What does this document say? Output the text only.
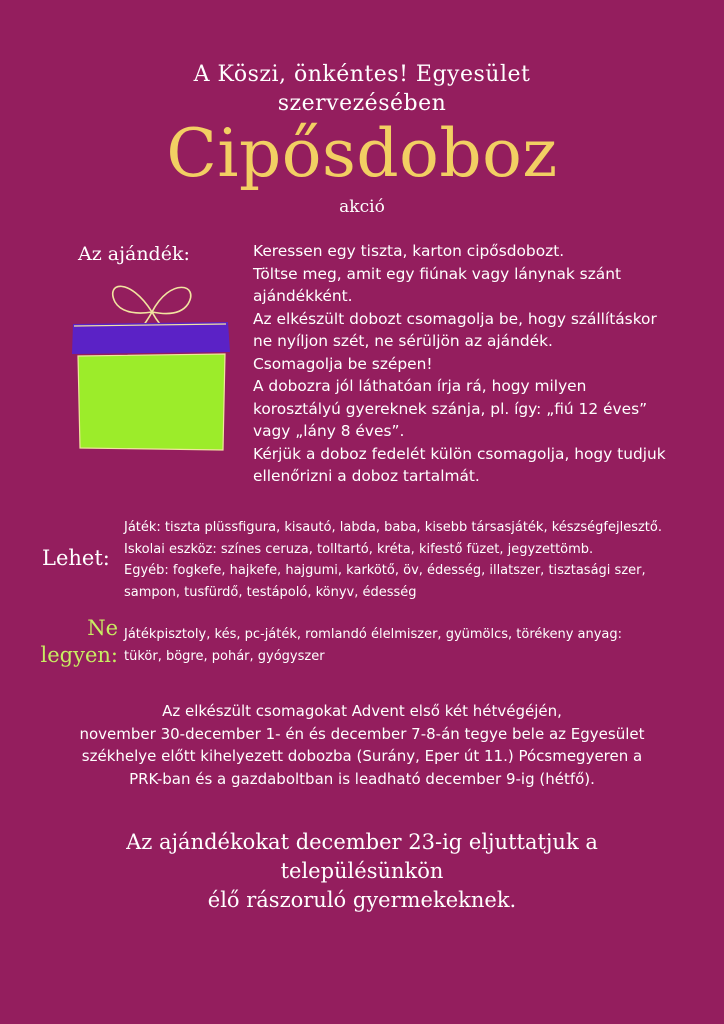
A Köszi, önkéntes! Egyesület
szervezésében
Cipősdoboz
akció
Az ajándék:	Keressen egy tiszta, karton cipősdobozt.

Töltse meg, amit egy fiúnak vagy lánynak szánt

ajándékként.

Az elkészült dobozt csomagolja be, hogy szállításkor

ne nyíljon szét, ne sérüljön az ajándék.

Csomagolja be szépen!

A dobozra jól láthatóan írja rá, hogy milyen

korosztályú gyereknek szánja, pl. így: „fiú 12 éves”

vagy „lány 8 éves”.

Kérjük a doboz fedelét külön csomagolja, hogy tudjuk

ellenőrizni a doboz tartalmát.

Lehet:

Játék: tiszta plüssfigura, kisautó, labda, baba, kisebb társasjáték, készségfejlesztő.

Iskolai eszköz: színes ceruza, tolltartó, kréta, kifestő füzet, jegyzettömb.

Egyéb: fogkefe, hajkefe, hajgumi, karkötő, öv, édesség, illatszer, tisztasági szer,

sampon, tusfürdő, testápoló, könyv, édesség

Ne
legyen:

Játékpisztoly, kés, pc-játék, romlandó élelmiszer, gyümölcs, törékeny anyag:

tükör, bögre, pohár, gyógyszer

Az elkészült csomagokat Advent első két hétvégéjén,

november 30-december 1- én és december 7-8-án tegye bele az Egyesület

székhelye előtt kihelyezett dobozba (Surány, Eper út 11.) Pócsmegyeren a

PRK-ban és a gazdaboltban is leadható december 9-ig (hétfő).

Az ajándékokat december 23-ig eljuttatjuk a

településünkön

élő rászoruló gyermekeknek.
